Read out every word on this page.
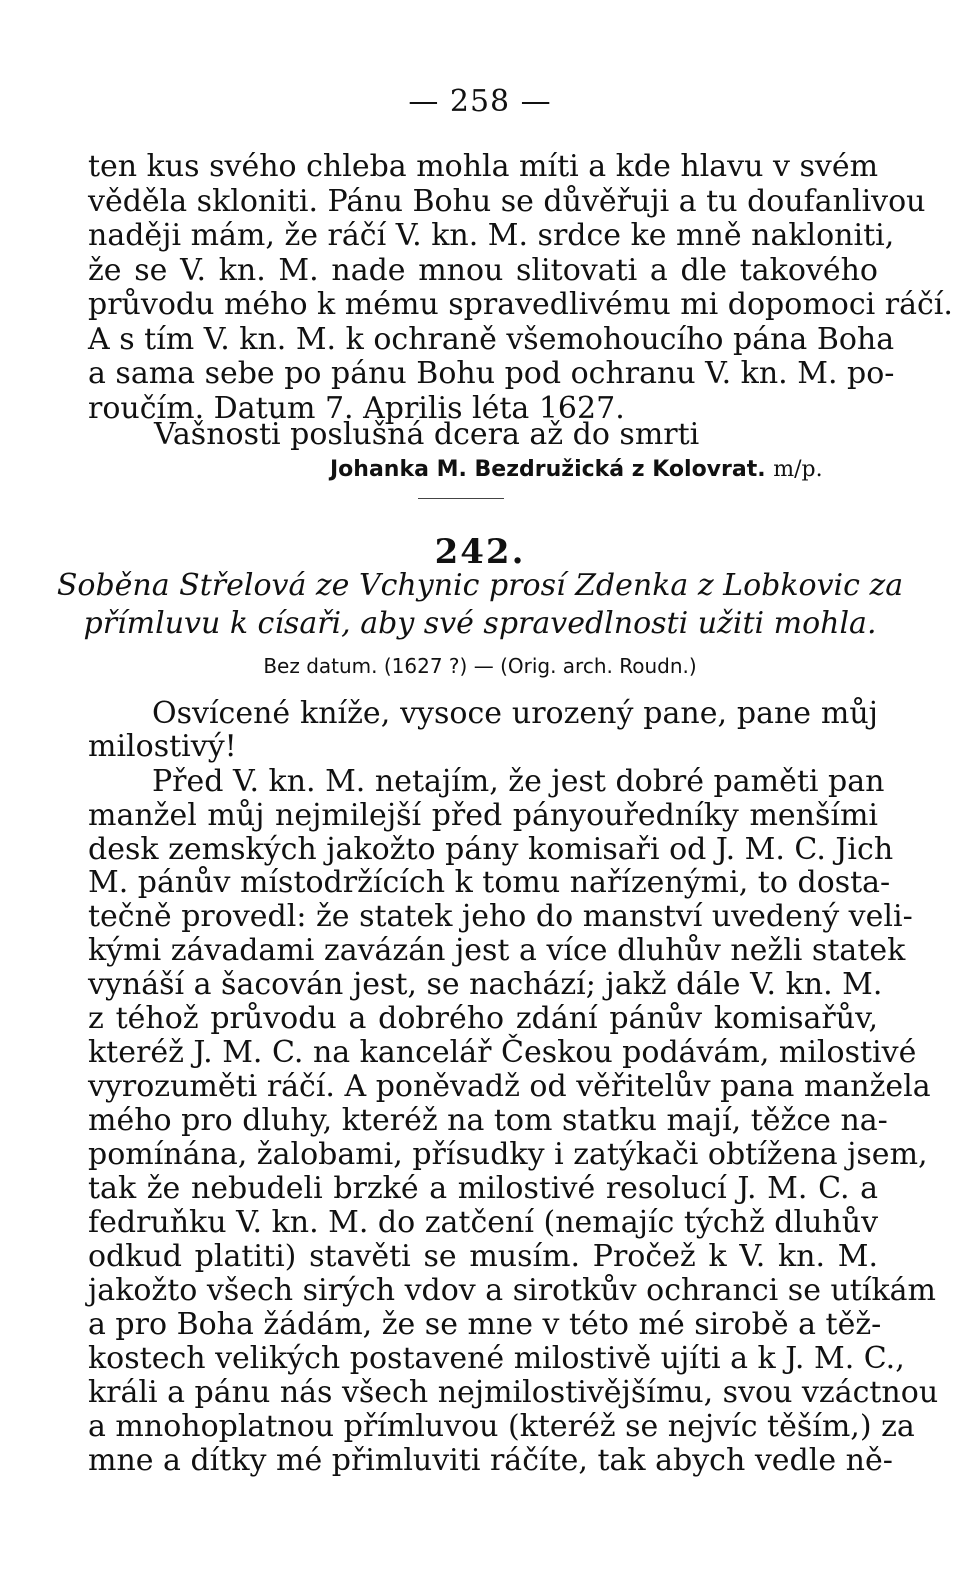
— 258 —
ten kus svého chleba mohla míti a kde hlavu v svém
věděla skloniti. Pánu Bohu se důvěřuji a tu doufanlivou
naději mám, že ráčí V. kn. M. srdce ke mně nakloniti,
že se V. kn. M. nade mnou slitovati a dle takového
průvodu mého k mému spravedlivému mi dopomoci ráčí.
A s tím V. kn. M. k ochraně všemohoucího pána Boha
a sama sebe po pánu Bohu pod ochranu V. kn. M. po-
roučím. Datum 7. Aprilis léta 1627.
Vašnosti poslušná dcera až do smrti
Johanka M. Bezdružická z Kolovrat. m/p.
242.
Soběna Střelová ze Vchynic prosí Zdenka z Lobkovic za
přímluvu k císaři, aby své spravedlnosti užiti mohla.
Bez datum. (1627 ?) — (Orig. arch. Roudn.)
Osvícené kníže, vysoce urozený pane, pane můj
milostivý!
Před V. kn. M. netajím, že jest dobré paměti pan
manžel můj nejmilejší před pányouředníky menšími
desk zemských jakožto pány komisaři od J. M. C. Jich
M. pánův místodržících k tomu nařízenými, to dosta-
tečně provedl: že statek jeho do manství uvedený veli-
kými závadami zavázán jest a více dluhův nežli statek
vynáší a šacován jest, se nachází; jakž dále V. kn. M.
z téhož průvodu a dobrého zdání pánův komisařův,
kteréž J. M. C. na kancelář Českou podávám, milostivé
vyrozuměti ráčí. A poněvadž od věřitelův pana manžela
mého pro dluhy, kteréž na tom statku mají, těžce na-
pomínána, žalobami, přísudky i zatýkači obtížena jsem,
tak že nebudeli brzké a milostivé resolucí J. M. C. a
fedruňku V. kn. M. do zatčení (nemajíc týchž dluhův
odkud platiti) stavěti se musím. Pročež k V. kn. M.
jakožto všech sirých vdov a sirotkův ochranci se utíkám
a pro Boha žádám, že se mne v této mé sirobě a těž-
kostech velikých postavené milostivě ujíti a k J. M. C.,
králi a pánu nás všech nejmilostivějšímu, svou vzáctnou
a mnohoplatnou přímluvou (kteréž se nejvíc těším,) za
mne a dítky mé přimluviti ráčíte, tak abych vedle ně-
